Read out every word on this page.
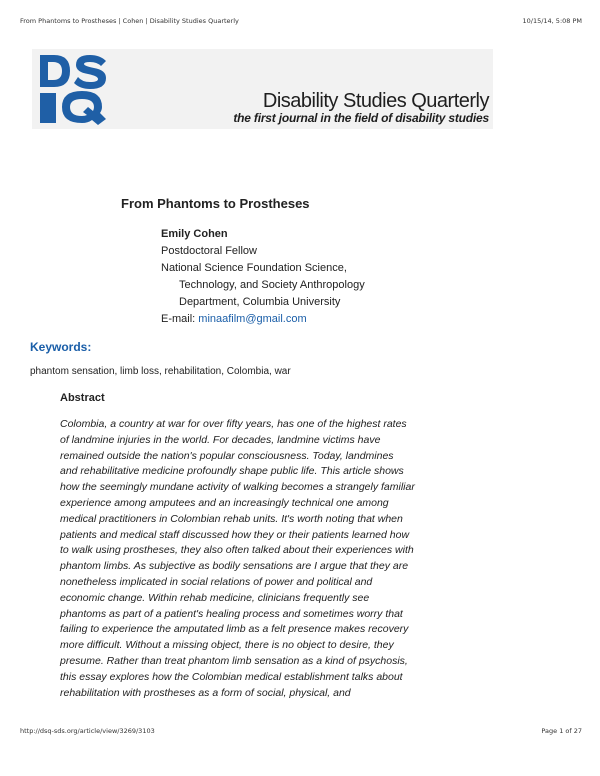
From Phantoms to Prostheses | Cohen | Disability Studies Quarterly	10/15/14, 5:08 PM
Disability Studies Quarterly
the first journal in the field of disability studies
From Phantoms to Prostheses
Emily Cohen
Postdoctoral Fellow
National Science Foundation Science,
Technology, and Society Anthropology
Department, Columbia University
E-mail: minaafilm@gmail.com
Keywords:
phantom sensation, limb loss, rehabilitation, Colombia, war
Abstract
Colombia, a country at war for over fifty years, has one of the highest rates
of landmine injuries in the world. For decades, landmine victims have
remained outside the nation's popular consciousness. Today, landmines
and rehabilitative medicine profoundly shape public life. This article shows
how the seemingly mundane activity of walking becomes a strangely familiar
experience among amputees and an increasingly technical one among
medical practitioners in Colombian rehab units. It's worth noting that when
patients and medical staff discussed how they or their patients learned how
to walk using prostheses, they also often talked about their experiences with
phantom limbs. As subjective as bodily sensations are I argue that they are
nonetheless implicated in social relations of power and political and
economic change. Within rehab medicine, clinicians frequently see
phantoms as part of a patient's healing process and sometimes worry that
failing to experience the amputated limb as a felt presence makes recovery
more difficult. Without a missing object, there is no object to desire, they
presume. Rather than treat phantom limb sensation as a kind of psychosis,
this essay explores how the Colombian medical establishment talks about
rehabilitation with prostheses as a form of social, physical, and
http://dsq-sds.org/article/view/3269/3103	Page 1 of 27
